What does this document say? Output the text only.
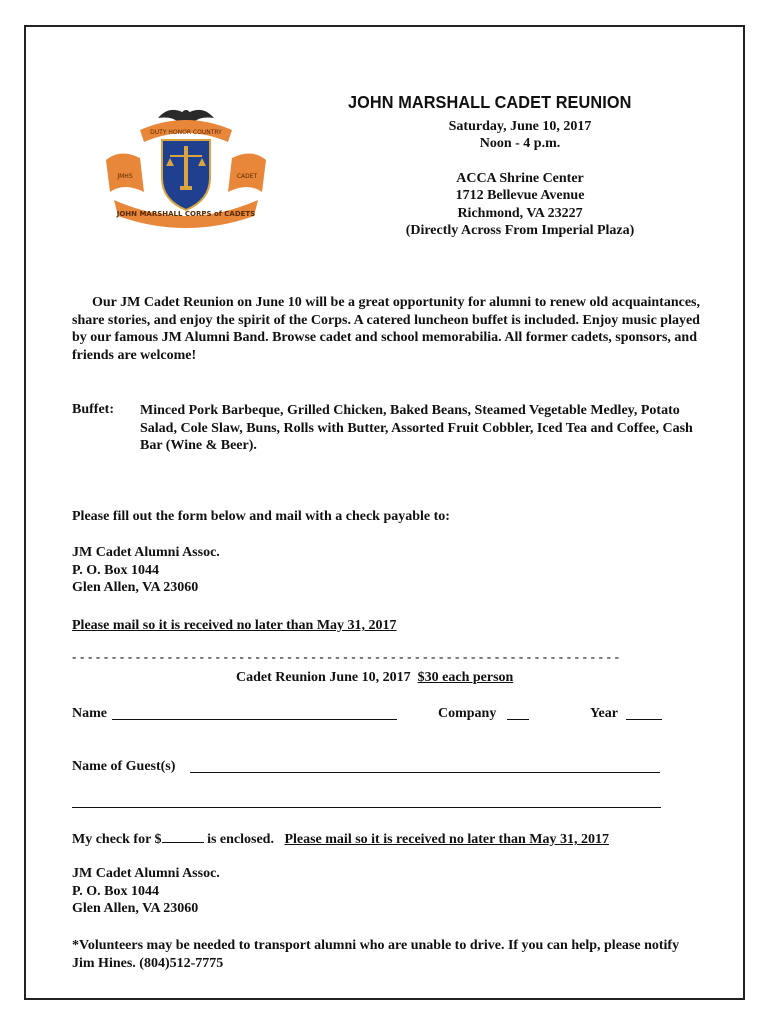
DUTY HONOR COUNTRY
JMHS	CADET
JOHN MARSHALL CORPS of CADETS
JOHN MARSHALL CADET REUNION
Saturday, June 10, 2017
Noon - 4 p.m.
ACCA Shrine Center
1712 Bellevue Avenue
Richmond, VA 23227
(Directly Across From Imperial Plaza)
Our JM Cadet Reunion on June 10 will be a great opportunity for alumni to renew old acquaintances, share stories, and enjoy the spirit of the Corps. A catered luncheon buffet is included. Enjoy music played by our famous JM Alumni Band. Browse cadet and school memorabilia. All former cadets, sponsors, and friends are welcome!
Buffet: Minced Pork Barbeque, Grilled Chicken, Baked Beans, Steamed Vegetable Medley, Potato Salad, Cole Slaw, Buns, Rolls with Butter, Assorted Fruit Cobbler, Iced Tea and Coffee, Cash Bar (Wine & Beer).
Please fill out the form below and mail with a check payable to:
JM Cadet Alumni Assoc.
P. O. Box 1044
Glen Allen, VA 23060
Please mail so it is received no later than May 31, 2017
- - - - - - - - - - - - - - - - - - - - - - - - - - - - - - - - - - - - - - - - - - - - - - - - - - - - - - - - - - - - - - - - - - - - -
Cadet Reunion June 10, 2017 $30 each person
Name	Company	Year
Name of Guest(s)
My check for $	is enclosed. Please mail so it is received no later than May 31, 2017
JM Cadet Alumni Assoc.
P. O. Box 1044
Glen Allen, VA 23060
*Volunteers may be needed to transport alumni who are unable to drive. If you can help, please notify Jim Hines. (804)512-7775
